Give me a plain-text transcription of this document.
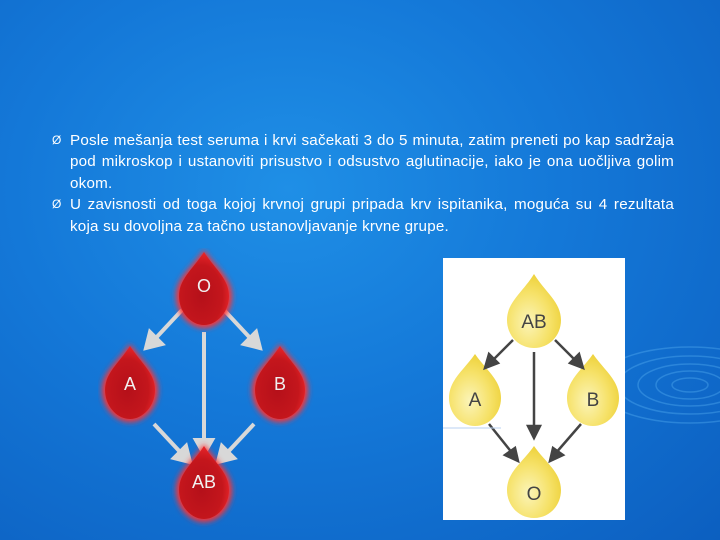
Ø Posle mešanja test seruma i krvi sačekati 3 do 5 minuta, zatim preneti po kap sadržaja pod mikroskop i ustanoviti prisustvo i odsustvo aglutinacije, iako je ona uočljiva golim okom.
Ø U zavisnosti od toga kojoj krvnoj grupi pripada krv ispitanika, moguća su 4 rezultata koja su dovoljna za tačno ustanovljavanje krvne grupe.
O
A	B
AB
AB
A	B
O
